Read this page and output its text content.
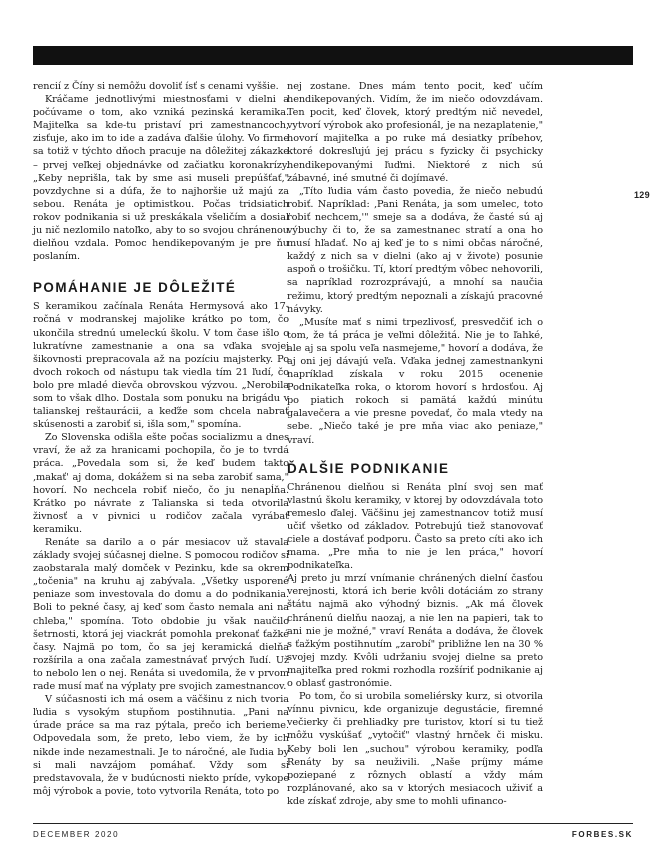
129

rencií z Číny si nemôžu dovoliť ísť s cenami vyššie.

Kráčame jednotlivými miestnosťami v dielni a počúvame o tom, ako vzniká pezinská keramika. Majiteľka sa kde-tu pristaví pri zamestnancoch, zisťuje, ako im to ide a zadáva ďalšie úlohy. Vo firme sa totiž v týchto dňoch pracuje na dôležitej zákazke – prvej veľkej objednávke od začiatku koronakrízy. „Keby neprišla, tak by sme asi museli prepúšťať," povzdychne si a dúfa, že to najhoršie už majú za sebou. Renáta je optimistkou. Počas tridsiatich rokov podnikania si už preskákala všeličím a dosiaľ ju nič nezlomilo natoľko, aby to so svojou chránenou dielňou vzdala. Pomoc hendikepovaným je pre ňu poslaním.

POMÁHANIE JE DÔLEŽITÉ

S keramikou začínala Renáta Hermysová ako 17-ročná v modranskej majolike krátko po tom, čo ukončila strednú umeleckú školu. V tom čase išlo o lukratívne zamestnanie a ona sa vďaka svojej šikovnosti prepracovala až na pozíciu majsterky. Po dvoch rokoch od nástupu tak viedla tím 21 ľudí, čo bolo pre mladé dievča obrovskou výzvou. „Nerobila som to však dlho. Dostala som ponuku na brigádu v talianskej reštaurácii, a keďže som chcela nabrať skúsenosti a zarobiť si, išla som," spomína.

Zo Slovenska odišla ešte počas socializmu a dnes vraví, že až za hranicami pochopila, čo je to tvrdá práca. „Povedala som si, že keď budem takto ‚makať' aj doma, dokážem si na seba zarobiť sama," hovorí. No nechcela robiť niečo, čo ju nenapĺňa. Krátko po návrate z Talianska si teda otvorila živnosť a v pivnici u rodičov začala vyrábať keramiku.

Renáte sa darilo a o pár mesiacov už stavala základy svojej súčasnej dielne. S pomocou rodičov si zaobstarala malý domček v Pezinku, kde sa okrem „točenia" na kruhu aj zabývala. „Všetky usporené peniaze som investovala do domu a do podnikania. Boli to pekné časy, aj keď som často nemala ani na chleba," spomína. Toto obdobie ju však naučilo šetrnosti, ktorá jej viackrát pomohla prekonať ťažké časy. Najmä po tom, čo sa jej keramická dielňa rozšírila a ona začala zamestnávať prvých ľudí. Už to nebolo len o nej. Renáta si uvedomila, že v prvom rade musí mať na výplaty pre svojich zamestnancov.

V súčasnosti ich má osem a väčšinu z nich tvoria ľudia s vysokým stupňom postihnutia. „Pani na úrade práce sa ma raz pýtala, prečo ich berieme. Odpovedala som, že preto, lebo viem, že by ich nikde inde nezamestnali. Je to náročné, ale ľudia by si mali navzájom pomáhať. Vždy som si predstavovala, že v budúcnosti niekto príde, vykope môj výrobok a povie, toto vytvorila Renáta, toto po

nej zostane. Dnes mám tento pocit, keď učím hendikepovaných. Vidím, že im niečo odovzdávam. Ten pocit, keď človek, ktorý predtým nič nevedel, vytvorí výrobok ako profesionál, je na nezaplatenie," hovorí majiteľka a po ruke má desiatky príbehov, ktoré dokresľujú jej prácu s fyzicky či psychicky hendikepovanými ľuďmi. Niektoré z nich sú zábavné, iné smutné či dojímavé.

„Títo ľudia vám často povedia, že niečo nebudú robiť. Napríklad: ‚Pani Renáta, ja som umelec, toto robiť nechcem,'" smeje sa a dodáva, že časté sú aj výbuchy či to, že sa zamestnanec stratí a ona ho musí hľadať. No aj keď je to s nimi občas náročné, každý z nich sa v dielni (ako aj v živote) posunie aspoň o trošičku. Tí, ktorí predtým vôbec nehovorili, sa napríklad rozrozprávajú, a mnohí sa naučia režimu, ktorý predtým nepoznali a získajú pracovné návyky.

„Musíte mať s nimi trpezlivosť, presvedčiť ich o tom, že tá práca je veľmi dôležitá. Nie je to ľahké, ale aj sa spolu veľa nasmejeme," hovorí a dodáva, že aj oni jej dávajú veľa. Vďaka jednej zamestnankyni napríklad získala v roku 2015 ocenenie Podnikateľka roka, o ktorom hovorí s hrdosťou. Aj po piatich rokoch si pamätá každú minútu galavečera a vie presne povedať, čo mala vtedy na sebe. „Niečo také je pre mňa viac ako peniaze," vraví.

ĎALŠIE PODNIKANIE

Chránenou dielňou si Renáta plní svoj sen mať vlastnú školu keramiky, v ktorej by odovzdávala toto remeslo ďalej. Väčšinu jej zamestnancov totiž musí učiť všetko od základov. Potrebujú tiež stanovovať ciele a dostávať podporu. Často sa preto cíti ako ich mama. „Pre mňa to nie je len práca," hovorí podnikateľka.

Aj preto ju mrzí vnímanie chránených dielní časťou verejnosti, ktorá ich berie kvôli dotáciám zo strany štátu najmä ako výhodný biznis. „Ak má človek chránenú dielňu naozaj, a nie len na papieri, tak to ani nie je možné," vraví Renáta a dodáva, že človek s ťažkým postihnutím „zarobí" približne len na 30 % svojej mzdy. Kvôli udržaniu svojej dielne sa preto majiteľka pred rokmi rozhodla rozšíriť podnikanie aj o oblasť gastronómie.

Po tom, čo si urobila someliérsky kurz, si otvorila vínnu pivnicu, kde organizuje degustácie, firemné večierky či prehliadky pre turistov, ktorí si tu tiež môžu vyskúšať „vytočiť" vlastný hrnček či misku. Keby boli len „suchou" výrobou keramiky, podľa Renáty by sa neuživili. „Naše príjmy máme poziepané z rôznych oblastí a vždy mám rozplánované, ako sa v ktorých mesiacoch uživiť a kde získať zdroje, aby sme to mohli ufinanco-

DECEMBER 2020	FORBES.SK
